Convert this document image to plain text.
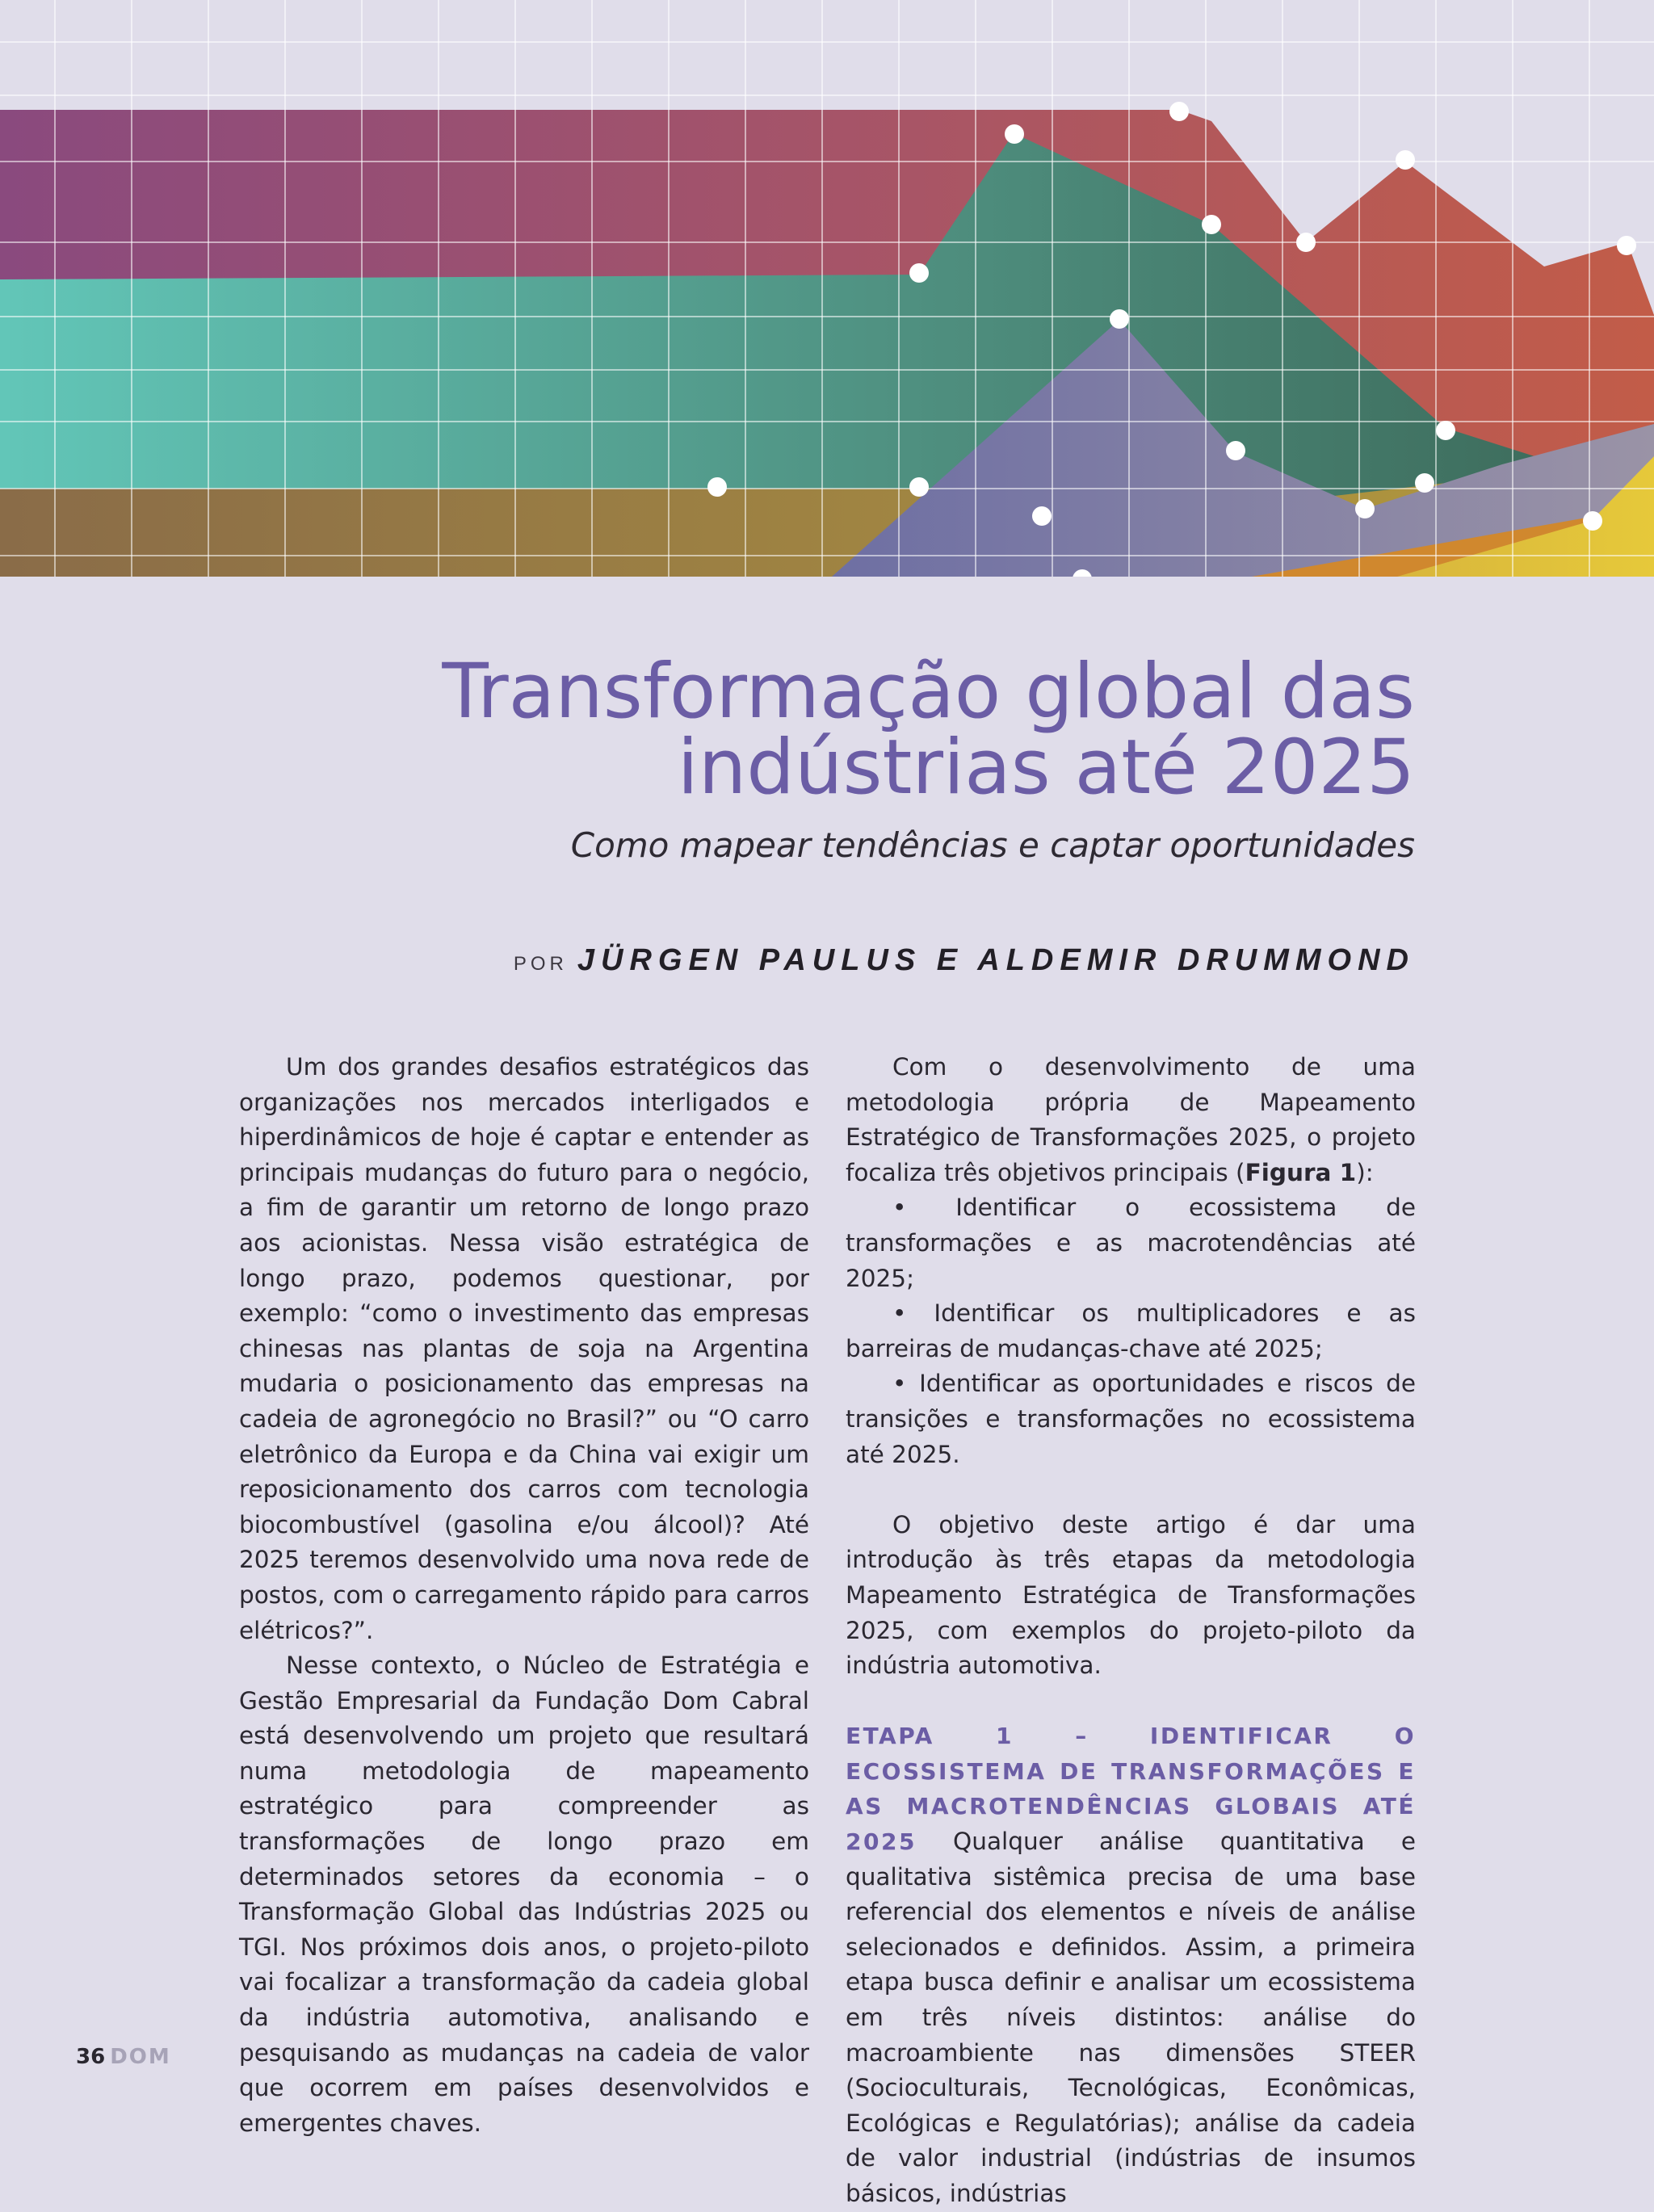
Transformação global das
indústrias até 2025
Como mapear tendências e captar oportunidades
POR JÜRGEN PAULUS E ALDEMIR DRUMMOND

Um dos grandes desafios estratégicos das organizações nos mercados interligados e hiperdinâmicos de hoje é captar e entender as principais mudanças do futuro para o negócio, a fim de garantir um retorno de longo prazo aos acionistas. Nessa visão estratégica de longo prazo, podemos questionar, por exemplo: “como o investimento das empresas chinesas nas plantas de soja na Argentina mudaria o posicionamento das empresas na cadeia de agronegócio no Brasil?” ou “O carro eletrônico da Europa e da China vai exigir um reposicionamento dos carros com tecnologia biocombustível (gasolina e/ou álcool)? Até 2025 teremos desenvolvido uma nova rede de postos, com o carregamento rápido para carros elétricos?”.

Nesse contexto, o Núcleo de Estratégia e Gestão Empresarial da Fundação Dom Cabral está desenvolvendo um projeto que resultará numa metodologia de mapeamento estratégico para compreender as transformações de longo prazo em determinados setores da economia – o Transformação Global das Indústrias 2025 ou TGI. Nos próximos dois anos, o projeto-piloto vai focalizar a transformação da cadeia global da indústria automotiva, analisando e pesquisando as mudanças na cadeia de valor que ocorrem em países desenvolvidos e emergentes chaves.

Com o desenvolvimento de uma metodologia própria de Mapeamento Estratégico de Transformações 2025, o projeto focaliza três objetivos principais (Figura 1):

• Identificar o ecossistema de transformações e as macrotendências até 2025;

• Identificar os multiplicadores e as barreiras de mudanças-chave até 2025;

• Identificar as oportunidades e riscos de transições e transformações no ecossistema até 2025.

O objetivo deste artigo é dar uma introdução às três etapas da metodologia Mapeamento Estratégica de Transformações 2025, com exemplos do projeto-piloto da indústria automotiva.

ETAPA 1 – IDENTIFICAR O ECOSSISTEMA DE TRANSFORMAÇÕES E AS MACROTENDÊNCIAS GLOBAIS ATÉ 2025 Qualquer análise quantitativa e qualitativa sistêmica precisa de uma base referencial dos elementos e níveis de análise selecionados e definidos. Assim, a primeira etapa busca definir e analisar um ecossistema em três níveis distintos: análise do macroambiente nas dimensões STEER (Socioculturais, Tecnológicas, Econômicas, Ecológicas e Regulatórias); análise da cadeia de valor industrial (indústrias de insumos básicos, indústrias

36 DOM
